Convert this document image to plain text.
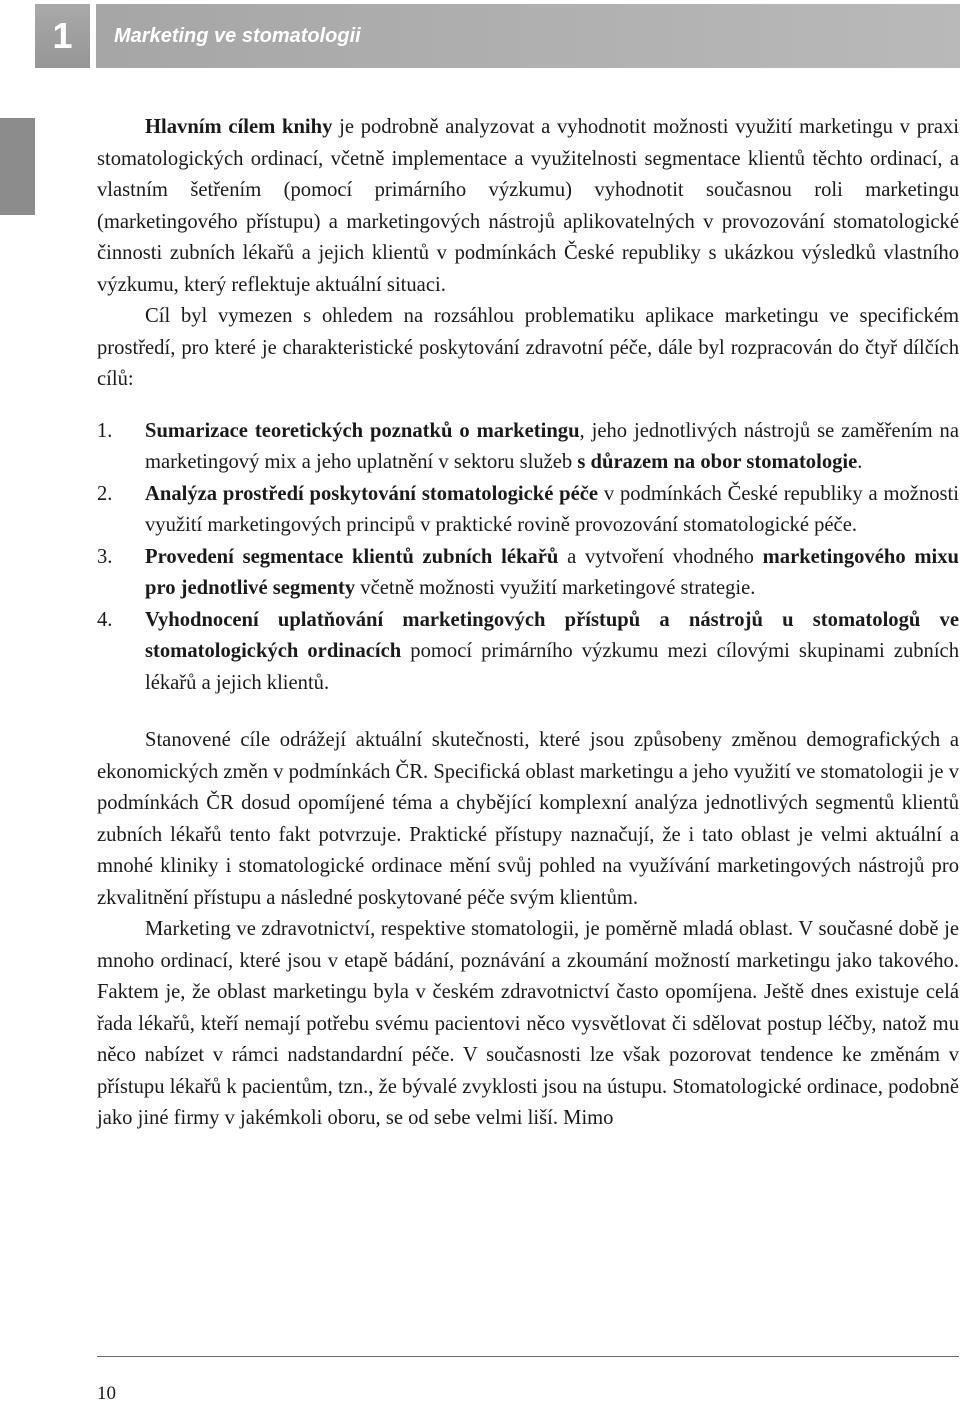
1 Marketing ve stomatologii

Hlavním cílem knihy je podrobně analyzovat a vyhodnotit možnosti využití marketingu v praxi stomatologických ordinací, včetně implementace a využitelnosti segmentace klientů těchto ordinací, a vlastním šetřením (pomocí primárního výzkumu) vyhodnotit současnou roli marketingu (marketingového přístupu) a marketingových nástrojů aplikovatelných v provozování stomatologické činnosti zubních lékařů a jejich klientů v podmínkách České republiky s ukázkou výsledků vlastního výzkumu, který reflektuje aktuální situaci.

Cíl byl vymezen s ohledem na rozsáhlou problematiku aplikace marketingu ve specifickém prostředí, pro které je charakteristické poskytování zdravotní péče, dále byl rozpracován do čtyř dílčích cílů:

1. Sumarizace teoretických poznatků o marketingu, jeho jednotlivých nástrojů se zaměřením na marketingový mix a jeho uplatnění v sektoru služeb s důrazem na obor stomatologie.
2. Analýza prostředí poskytování stomatologické péče v podmínkách České republiky a možnosti využití marketingových principů v praktické rovině provozování stomatologické péče.
3. Provedení segmentace klientů zubních lékařů a vytvoření vhodného marketingového mixu pro jednotlivé segmenty včetně možnosti využití marketingové strategie.
4. Vyhodnocení uplatňování marketingových přístupů a nástrojů u stomatologů ve stomatologických ordinacích pomocí primárního výzkumu mezi cílovými skupinami zubních lékařů a jejich klientů.

Stanovené cíle odrážejí aktuální skutečnosti, které jsou způsobeny změnou demografických a ekonomických změn v podmínkách ČR. Specifická oblast marketingu a jeho využití ve stomatologii je v podmínkách ČR dosud opomíjené téma a chybějící komplexní analýza jednotlivých segmentů klientů zubních lékařů tento fakt potvrzuje. Praktické přístupy naznačují, že i tato oblast je velmi aktuální a mnohé kliniky i stomatologické ordinace mění svůj pohled na využívání marketingových nástrojů pro zkvalitnění přístupu a následné poskytované péče svým klientům.

Marketing ve zdravotnictví, respektive stomatologii, je poměrně mladá oblast. V současné době je mnoho ordinací, které jsou v etapě bádání, poznávání a zkoumání možností marketingu jako takového. Faktem je, že oblast marketingu byla v českém zdravotnictví často opomíjena. Ještě dnes existuje celá řada lékařů, kteří nemají potřebu svému pacientovi něco vysvětlovat či sdělovat postup léčby, natož mu něco nabízet v rámci nadstandardní péče. V současnosti lze však pozorovat tendence ke změnám v přístupu lékařů k pacientům, tzn., že bývalé zvyklosti jsou na ústupu. Stomatologické ordinace, podobně jako jiné firmy v jakémkoli oboru, se od sebe velmi liší. Mimo

10
